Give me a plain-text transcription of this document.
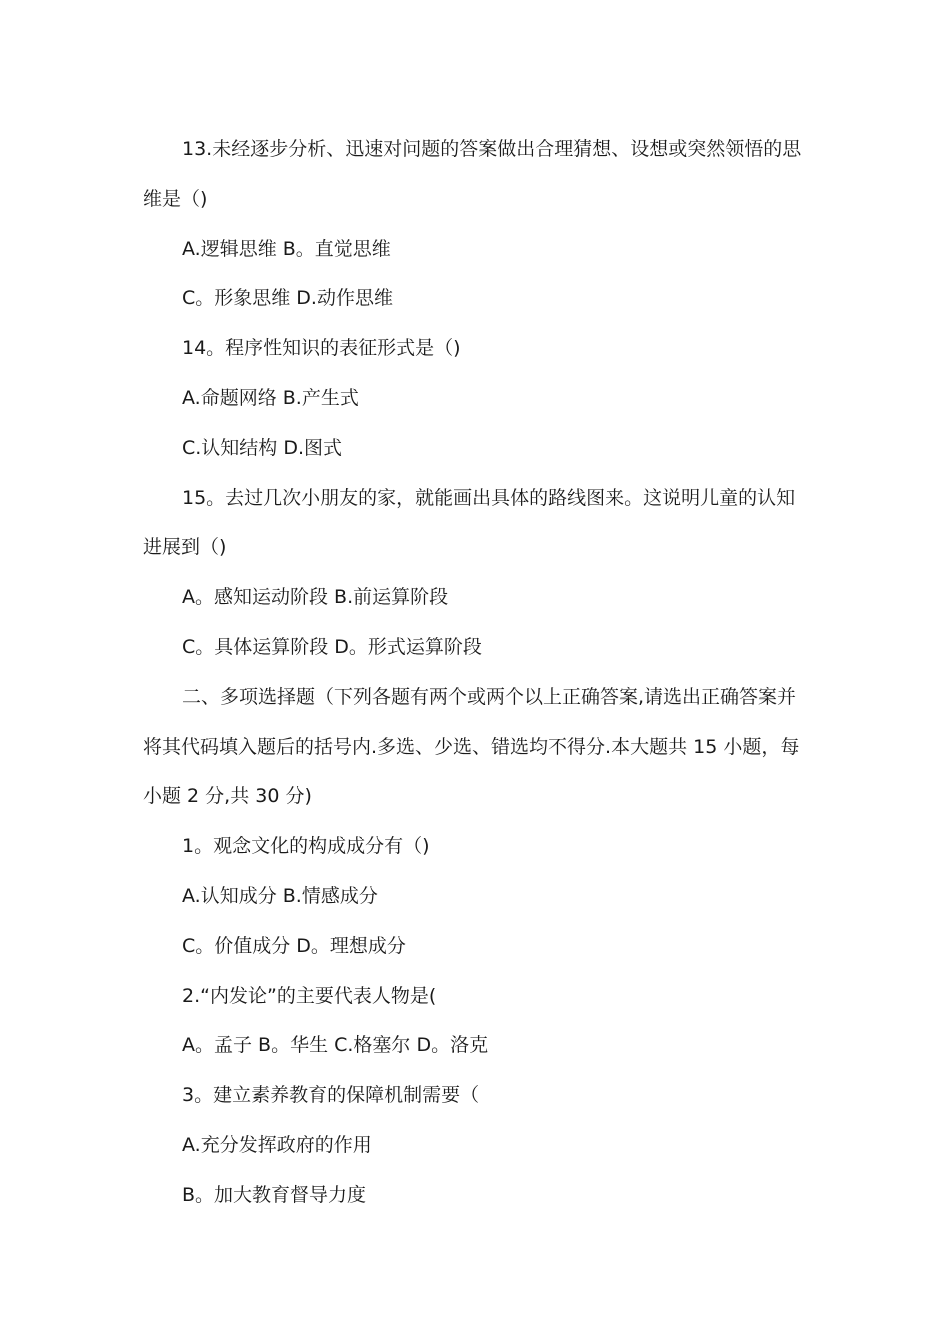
13.未经逐步分析、迅速对问题的答案做出合理猜想、设想或突然领悟的思
维是（)
A.逻辑思维 B。直觉思维
C。形象思维 D.动作思维
14。程序性知识的表征形式是（)
A.命题网络 B.产生式
C.认知结构 D.图式
15。去过几次小朋友的家，就能画出具体的路线图来。这说明儿童的认知
进展到（)
A。感知运动阶段 B.前运算阶段
C。具体运算阶段 D。形式运算阶段
二、多项选择题（下列各题有两个或两个以上正确答案,请选出正确答案并
将其代码填入题后的括号内.多选、少选、错选均不得分.本大题共 15 小题，每
小题 2 分,共 30 分)
1。观念文化的构成成分有（)
A.认知成分 B.情感成分
C。价值成分 D。理想成分
2.“内发论”的主要代表人物是(
A。孟子 B。华生 C.格塞尔 D。洛克
3。建立素养教育的保障机制需要（
A.充分发挥政府的作用
B。加大教育督导力度
